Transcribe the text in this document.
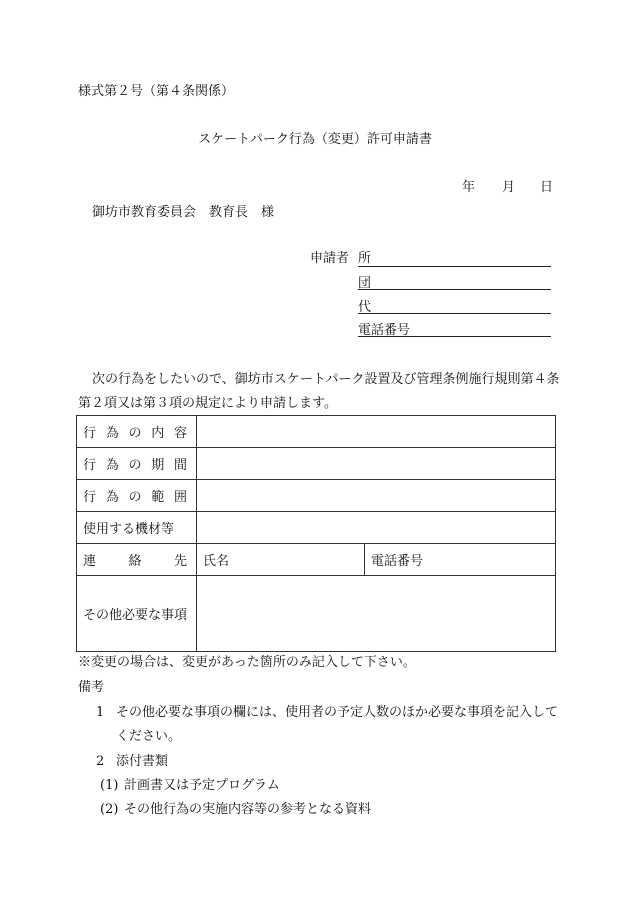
様式第２号（第４条関係）
スケートパーク行為（変更）許可申請書
年 月 日
御坊市教育委員会　教育長　様
申請者 所
団
代
電話番号
次の行為をしたいので、御坊市スケートパーク設置及び管理条例施行規則第４条
第２項又は第３項の規定により申請します。
行 為 の 内 容		

行 為 の 期 間		

行 為 の 範 囲		

使用する機材等		

連 絡 先	氏名	電話番号
その他必要な事項		
※変更の場合は、変更があった箇所のみ記入して下さい。
備考
1 その他必要な事項の欄には、使用者の予定人数のほか必要な事項を記入して
ください。
2 添付書類
(1) 計画書又は予定プログラム
(2) その他行為の実施内容等の参考となる資料
